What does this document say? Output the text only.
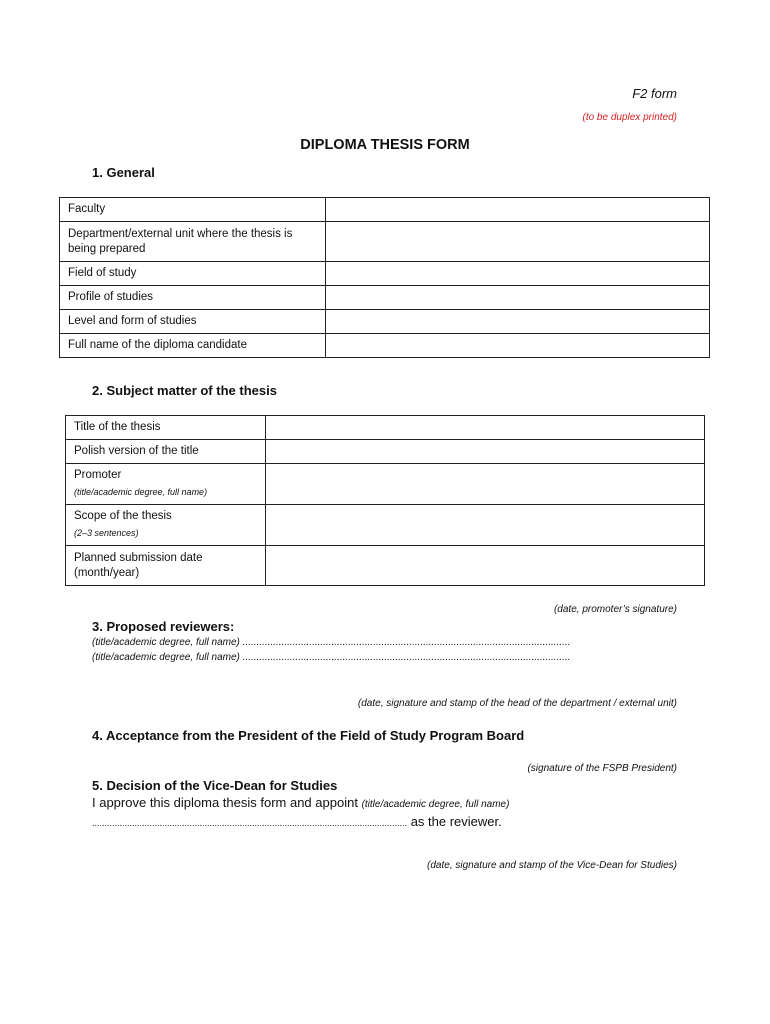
F2 form
(to be duplex printed)
DIPLOMA THESIS FORM
1. General
Faculty	
Department/external unit where the thesis is being prepared	
Field of study	
Profile of studies	
Level and form of studies	
Full name of the diploma candidate	
2. Subject matter of the thesis
Title of the thesis	
Polish version of the title	
Promoter
(title/academic degree, full name)	

Scope of the thesis
(2–3 sentences)	

Planned submission date (month/year)	
(date, promoter’s signature)
3. Proposed reviewers:
(title/academic degree, full name) ......................................................................................................................
(title/academic degree, full name) ......................................................................................................................
(date, signature and stamp of the head of the department / external unit)
4. Acceptance from the President of the Field of Study Program Board
(signature of the FSPB President)
5. Decision of the Vice-Dean for Studies
I approve this diploma thesis form and appoint (title/academic degree, full name)
.............................................................................................................................. as the reviewer.
(date, signature and stamp of the Vice-Dean for Studies)
